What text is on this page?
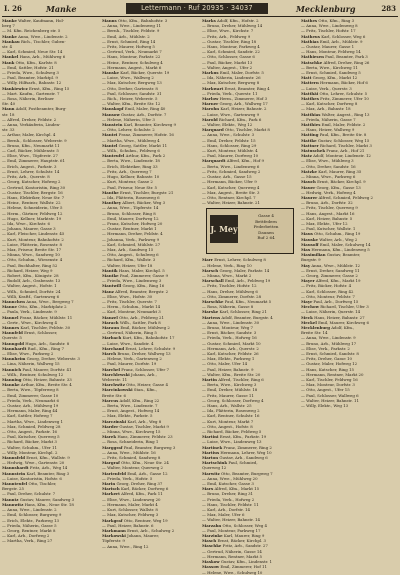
I. 26	Manke	Lettermann · Ruf 20935 · 34037	Mecklenburg	283
Manke Walter, Kaufmann, Hol-
berg 7
— M. Kfm. Reichenberg str. 5
Manke Anna, Wwe., Lindenstr. 2
Mankau Rich., Tischler, Guben-
str. 4
— Karl, Schmied, Neue Str. 14
Mankel Hans, Arb., Mühlweg 6
Mank Otto, Kfm., Karlstr. 8
— Emil, Sattler, Hofstr. 21
— Frieda, Wwe., Schulweg 3
— Paul, Beamter, Marktpl. 9
— Willy, Hilfsarb., Bahnstr. 12
Mankiewicz Ernst, Kfm., Ring 15
— Mart. Kaufm., Gartenstr. 7
— Rosa, Näherin, Berliner
Str. 40
Mann Adolf, Postbeamter, Burg-
str. 18
— Alfred, Dreher, Feldstr. 2
— Anna, Verkäuferin, Linden-
str. 33
— Arthur, Maler, Kirchpl. 4
— Bernh., Schlosser, Weberstr. 9
— Bruno, Kfm., Neumarkt 11
— Carl, Bäcker, Mühlenstr. 5
— Elise, Wwe., Töpferstr. 27
— Emil, Zimmerer, Hauptstr. 61
— Erich, Angest., Parkstr. 3
— Ernst, Lehrer, Schulstr. 14
— Fritz, Arb., Querstr. 8
— Georg, Kutscher, Hofweg 2
— Gertrud, Kontoristin, Ring 30
— Gustav, Tischler, Bergstr. 16
— Hans, Elektriker, Neue Str. 7
— Heinr., Rentner, Wallstr. 22
— Helene, Schneiderin, Ufer 5
— Herm., Gärtner, Feldweg 12
— Hugo, Kellner, Marktstr. 19
— Ida, Wwe., Kirchstr. 6
— Johann, Maurer, Gasse 3
— Karl, Fleischer, Lindenstr. 45
— Kurt, Monteur, Bahnhofstr. 2
— Luise, Plätterin, Rosenstr. 8
— Max, Friseur, Breite Str. 17
— Minna, Wwe., Sandweg 10
— Otto, Schuhm., Wiesenstr. 4
— Paul, Buchhalter, Ring 52
— Richard, Heizer, Weg 9
— Robert, Kfm., Königstr. 28
— Rudolf, Arb., Grabenstr. 13
— Walter, Angest., Hofstr. 1
— Wilh., Schmied, Dorfstr. 24
— Willi, Kraftf., Gartenweg 6
Mannchen Anna, Wwe., Bergweg 7
Manne Otto, Kfm., Marktplatz 2
— Paula, Verk., Lindenstr. 9
Mannel Franz, Bäcker, Mühlstr. 11
— Gertr., Wwe., Kirchweg 4
Mannes Karl, Tischler, Feldstr. 30
Mannfeld Ernst, Schlosser,
Querstr. 5
Manngold Hugo, Arb., Sandstr. 8
Mannhardt Rud., Kfm., Ring 7
— Elise, Wwe., Parkweg 2
Mannheim Georg, Dreher, Weberstr. 3
— Lina, Näherin, Wallweg 15
Mannich Paul, Maurer, Dorfstr. 41
— Wilh., Rentner, Schulweg 12
Manning Otto, Heizer, Bahnstr. 33
Mannke Arthur, Kfm., Breite Str. 4
— Berta, Wwe., Töpferweg 8
— Emil, Zimmerer, Gasse 10
— Frieda, Verk., Neumarkt 6
— Gustav, Arb., Mühlweg 19
— Hermann, Maler, Ring 44
— Karl, Sattler, Hofweg 7
— Martha, Wwe., Lindenweg 1
— Max, Schmied, Feldweg 28
— Otto, Angest., Parkstr. 16
— Paul, Kutscher, Querweg 5
— Richard, Bäcker, Markt 3
— Walter, Schuhm., Ufer 11
— Willy, Monteur, Kirchpl. 2
Mannsfeld Ernst, Kfm., Wallstr. 9
— Hedwig, Wwe., Gartenstr. 20
Mannshardt Fritz, Arb., Weg 14
Mannstein Karl, Beamter, Ring 3
— Luise, Kontoristin, Hofstr. 6
Mannteufel Otto, Tischler,
Bergstr. 25
— Paul, Dreher, Schulstr. 7
Manntz Gustav, Maurer, Sandweg 3
Mannwitz Hans, Kfm., Neue Str. 18
— Anna, Wwe., Lindenstr. 2
— Emil, Schlosser, Burgweg 9
— Erich, Elektr., Parkweg 13
— Frieda, Näherin, Gasse 5
— Georg, Rentner, Markt 8
— Karl, Arb., Dorfweg 2
— Martha, Verk., Ring 27
Manns Otto, Kfm., Bahnhofstr. 3
— Anna, Wwe., Lindenweg 11
— Bernh., Tischler, Feldstr. 9
— Emil, Arb., Mühlstr. 2
— Ernst, Schmied, Ring 14
— Fritz, Maurer, Hofweg 5
— Gertrud, Verk., Neumarkt 7
— Hans, Monteur, Parkstr. 22
— Heinr., Rentner, Schulweg 4
— Hermann, Angest., Markt 6
Manske Karl, Bäcker, Querstr. 19
— Luise, Wwe., Wallweg 2
— Max, Kutscher, Bergweg 13
— Otto, Dreher, Gartenstr. 8
— Paul, Schlosser, Sandstr. 31
— Rich., Heizer, Weberstr. 5
— Walter, Kfm., Breite Str. 12
Manskopf Emil, Maler, Ring 40
Mansow Gustav, Arb., Dorfstr. 7
— Helene, Näherin, Ufer 3
Manstein Karl, Beamter, Kirchweg 9
— Otto, Lehrer, Schulstr. 2
Mantei Franz, Zimmerer, Hofstr. 16
— Martha, Wwe., Mühlweg 4
Mantel Georg, Sattler, Markt 11
— Wilh., Schuhm., Feldweg 6
Manteufel Arthur, Kfm., Park 2
— Berta, Wwe., Lindenstr. 18
— Erich, Elektriker, Ring 33
— Fritz, Arb., Querweg 7
— Hugo, Kellner, Bahnstr. 10
— Kurt, Monteur, Gasse 2
— Paul, Friseur, Neue Str. 5
Manthe Ernst, Tischler, Burgstr. 21
— Ida, Plätterin, Rosenweg 6
Manthey Albert, Bäcker, Weg 3
— Anna, Wwe., Töpferstr. 14
— Bruno, Schlosser, Ring 8
— Emil, Maurer, Dorfweg 12
— Franz, Kutscher, Hofweg 20
— Gustav, Rentner, Markt 1
— Hermann, Dreher, Feldstr. 4
— Johanna, Verk., Parkweg 9
— Karl, Schmied, Mühlstr. 27
— Max, Arb., Sandweg 15
— Otto, Angest., Schulweg 6
— Richard, Kfm., Wallstr. 3
— Walter, Heizer, Ufer 18
Mantik Hans, Maler, Kirchpl. 5
Mantke Paul, Zimmerer, Gasse 9
— Frieda, Wwe., Lindenweg 3
Mantwill Georg, Kfm., Ring 16
Manz Alfred, Beamter, Bergstr. 2
— Elise, Wwe., Hofstr. 30
— Fritz, Tischler, Querstr. 7
— Herm., Schuhm., Markt 14
— Karl, Monteur, Neumarkt 3
Manzel Otto, Arb., Feldweg 21
Marach Wilh., Sattler, Park 8
Maraun Emil, Bäcker, Mühlweg 2
— Gertrud, Näherin, Ring 5
Marbach Kurt, Kfm., Bahnhofstr. 17
— Luise, Wwe., Sandstr. 4
Marchand Ernst, Lehrer, Schulstr. 9
March Bruno, Dreher, Wallweg 13
— Helene, Verk., Gartenweg 2
— Paul, Maurer, Dorfstr. 19
Marchel Franz, Schlosser, Ufer 7
Marchlewski Johann, Arb.,
Weberstr. 11
Marchwitz Otto, Heizer, Gasse 4
Marcinkowski Stan., Kfm.,
Breite Str. 6
Marcus Adolf, Kfm., Ring 22
— Berta, Wwe., Lindenstr. 7
— Ernst, Angest., Hofweg 14
— Max, Elektr., Parkstr. 5
Marczinski Karl, Arb., Weg 8
Marder Gustav, Tischler, Markt 9
— Minna, Wwe., Kirchweg 15
Marek Hans, Zimmerer, Feldstr. 23
— Rosa, Schneiderin, Ring 1
Marggraf Paul, Beamter, Burgweg 3
— Anna, Wwe., Mühlstr. 16
— Fritz, Schmied, Sandweg 8
Margraf Otto, Kfm., Neue Str. 24
— Walter, Monteur, Querweg 2
Marienfeld Emil, Arb., Gasse 12
— Frieda, Verk., Hofstr. 5
Marin Georg, Dreher, Ring 37
Marisch Karl, Bäcker, Dorfweg 6
Markert Alfred, Kfm., Park 11
— Elise, Wwe., Lindenweg 20
— Hermann, Maler, Markt 4
— Kurt, Schlosser, Wallstr. 8
— Max, Kutscher, Feldweg 3
Markgraf Otto, Rentner, Weg 19
— Paul, Heizer, Bahnstr. 6
Markmann Ernst, Arb., Schulweg 2
Markowski Johann, Maurer,
Töpferstr. 9
— Anna, Wwe., Ring 12
Marks Adolf, Kfm., Hofstr. 2
— Bruno, Dreher, Mühlweg 14
— Elise, Wwe., Kirchstr. 7
— Fritz, Arb., Feldweg 9
— Gustav, Tischler, Ring 18
— Hans, Monteur, Parkweg 4
— Karl, Schmied, Sandstr. 22
— Otto, Schlosser, Gasse 6
— Paul, Bäcker, Markt 13
— Walter, Angest., Ufer 2
Markus Emil, Maler, Dorfstr. 5
— Ida, Näherin, Lindenstr. 26
— Max, Kutscher, Bergweg 8
Markwart Ernst, Beamter, Ring 4
— Frieda, Verk., Querstr. 11
Marlow Herm., Zimmerer, Hof 3
Marner Georg, Arb., Wallweg 17
Marohn Karl, Heizer, Bahnstr. 2
— Luise, Wwe., Gartenweg 9
Marold Richard, Kfm., Park 6
— Walter, Elektr., Weg 12
Marquard Otto, Tischler, Markt 8
— Anna, Wwe., Schulstr. 3
— Emil, Dreher, Feldstr. 15
— Hans, Schlosser, Ring 29
— Kurt, Monteur, Mühlstr. 4
— Paul, Maurer, Dorfweg 10
Marquardt Alfred, Kfm., Hof 9
— Berta, Wwe., Lindenweg 6
— Fritz, Schmied, Sandweg 2
— Gustav, Arb., Gasse 15
— Hermann, Bäcker, Ufer 9
— Karl, Kutscher, Querweg 4
— Max, Angest., Breite Str. 3
— Otto, Rentner, Kirchpl. 7
— Walter, Heizer, Bahnstr. 21
J. Mey
Gasse 4
Bettfedern
Federbetten
Daunen
Ruf 2 64
Marr Ernst, Lehrer, Schulweg 8
— Helene, Verk., Ring 10
Marsch Georg, Maler, Parkstr. 14
— Minna, Wwe., Markt 2
Marschall Emil, Arb., Feldweg 19
— Fritz, Tischler, Hofstr. 12
— Hans, Dreher, Mühlweg 6
— Otto, Zimmerer, Dorfstr. 28
Marschke Paul, Kfm., Neumarkt 5
— Rosa, Näherin, Gasse 8
Marske Karl, Schlosser, Ring 21
Martens Adolf, Beamter, Burgstr. 4
— Anna, Wwe., Lindenstr. 30
— Bruno, Monteur, Weg 7
— Ernst, Bäcker, Sandstr. 3
— Frieda, Verk., Hofweg 16
— Gustav, Schmied, Markt 10
— Hermann, Arb., Querstr. 2
— Karl, Kutscher, Feldstr. 26
— Max, Elektr., Parkweg 1
— Otto, Maler, Ufer 14
— Paul, Heizer, Bahnstr. 9
— Walter, Kfm., Breite Str. 20
Martin Alfred, Tischler, Ring 6
— Berta, Wwe., Kirchweg 3
— Emil, Dreher, Mühlstr. 18
— Fritz, Maurer, Gasse 11
— Georg, Schlosser, Dorfweg 4
— Hans, Arb., Wallstr. 25
— Ida, Plätterin, Rosenweg 2
— Karl, Rentner, Schulstr. 16
— Kurt, Monteur, Markt 7
— Otto, Angest., Hofstr. 8
— Richard, Bäcker, Feldweg 5
Martini Ernst, Kfm., Parkstr. 19
— Luise, Wwe., Lindenweg 13
Martinek Franz, Zimmerer, Ring 2
Martius Hermann, Lehrer, Weg 10
Marton Gustav, Arb., Sandweg 6
Martschink Paul, Schmied,
Querweg 12
Marwitz Otto, Beamter, Burgweg 7
— Anna, Wwe., Mühlweg 20
— Emil, Kutscher, Gasse 3
Marx Alfred, Kfm., Markt 15
— Bruno, Dreher, Ring 31
— Frieda, Verk., Hofweg 2
— Hans, Tischler, Feldstr. 11
— Karl, Arb., Dorfstr. 14
— Max, Maler, Ufer 6
— Walter, Heizer, Bahnstr. 14
Marzahn Otto, Schlosser, Weg 4
— Paul, Monteur, Parkweg 17
Marzinke Karl, Maurer, Ring 9
Masch Ernst, Bäcker, Kirchpl. 3
Maschke Fritz, Arb., Sandstr. 27
— Gertrud, Näherin, Gasse 14
— Hermann, Rentner, Markt 5
Maskow Gustav, Kfm., Lindenstr. 1
Massow Emil, Zimmerer, Hof 11
— Helene, Wwe., Schulweg 10
Mathes Otto, Kfm., Ring 3
— Anna, Wwe., Lindenweg 8
— Fritz, Tischler, Hofstr. 17
Matheus Karl, Schlosser, Weg 6
Mathias Emil, Arb., Mühlstr. 9
— Gustav, Maurer, Gasse 1
— Hans, Monteur, Feldweg 14
Mathiesen Paul, Beamter, Park 3
Matschke Alfred, Dreher, Ring 26
— Berta, Wwe., Kirchweg 11
— Ernst, Schmied, Sandweg 5
Matt Georg, Kfm., Markt 12
Mattern Hermann, Bäcker, Hof 6
— Luise, Verk., Querstr. 3
Matthäi Otto, Lehrer, Schulstr. 5
Matthes Fritz, Zimmerer, Ufer 10
— Karl, Kutscher, Dorfweg 8
— Max, Arb., Bahnstr. 18
Matthias Walter, Angest., Ring 13
— Frieda, Näherin, Gasse 7
Matthies Emil, Maler, Feldstr. 2
— Hans, Heizer, Wallweg 9
Matting Paul, Kfm., Breite Str. 8
Mattke Gustav, Schlosser, Weg 15
Mattner Richard, Tischler, Markt 3
Matuschek Franz, Arb., Hof 21
Matz Adolf, Monteur, Lindenstr. 12
— Elise, Wwe., Mühlweg 3
— Otto, Dreher, Sandstr. 16
Matzke Karl, Maurer, Ring 35
— Minna, Wwe., Parkweg 6
Mauch Ernst, Bäcker, Kirchpl. 9
Mauer Georg, Kfm., Gasse 13
— Hedwig, Verk., Hofweg 4
Maurer Alfred, Schmied, Feldweg 2
— Bruno, Arb., Dorfstr. 32
— Fritz, Tischler, Querweg 9
— Hans, Angest., Markt 16
— Karl, Heizer, Bahnstr. 5
— Max, Elektr., Ufer 12
— Paul, Kutscher, Wallstr. 1
Maus Otto, Schuhm., Ring 19
Mauske Walter, Arb., Weg 2
Mausolf Emil, Maler, Schulweg 14
Max Hermann, Kfm., Lindenweg 5
Maximilian Gustav, Beamter,
Burgstr. 9
May Anna, Wwe., Mühlstr. 12
— Ernst, Dreher, Sandweg 11
— Georg, Zimmerer, Gasse 2
Mayer Alfred, Kfm., Markt 19
— Fritz, Bäcker, Hofstr. 4
— Karl, Schlosser, Ring 42
— Otto, Monteur, Feldstr. 7
Mayr Paul, Arb., Dorfweg 15
Mechow Richard, Tischler, Ufer 3
— Luise, Näherin, Querstr. 14
Meck Hans, Heizer, Bahnstr. 27
Meckel Emil, Maurer, Kirchweg 6
Mecklenburg Adolf, Kfm.,
Breite Str. 14
— Anna, Wwe., Lindenstr. 9
— Bruno, Arb., Mühlweg 17
— Elise, Verk., Parkstr. 2
— Ernst, Schmied, Sandstr. 8
— Fritz, Dreher, Gasse 10
— Gustav, Maler, Hofweg 12
— Hans, Kutscher, Ring 15
— Hermann, Rentner, Markt 20
— Karl, Tischler, Feldweg 16
— Max, Monteur, Dorfstr. 3
— Otto, Angest., Ufer 15
— Paul, Schlosser, Wallweg 6
— Walter, Heizer, Bahnstr. 11
— Willy, Elektr., Weg 13
